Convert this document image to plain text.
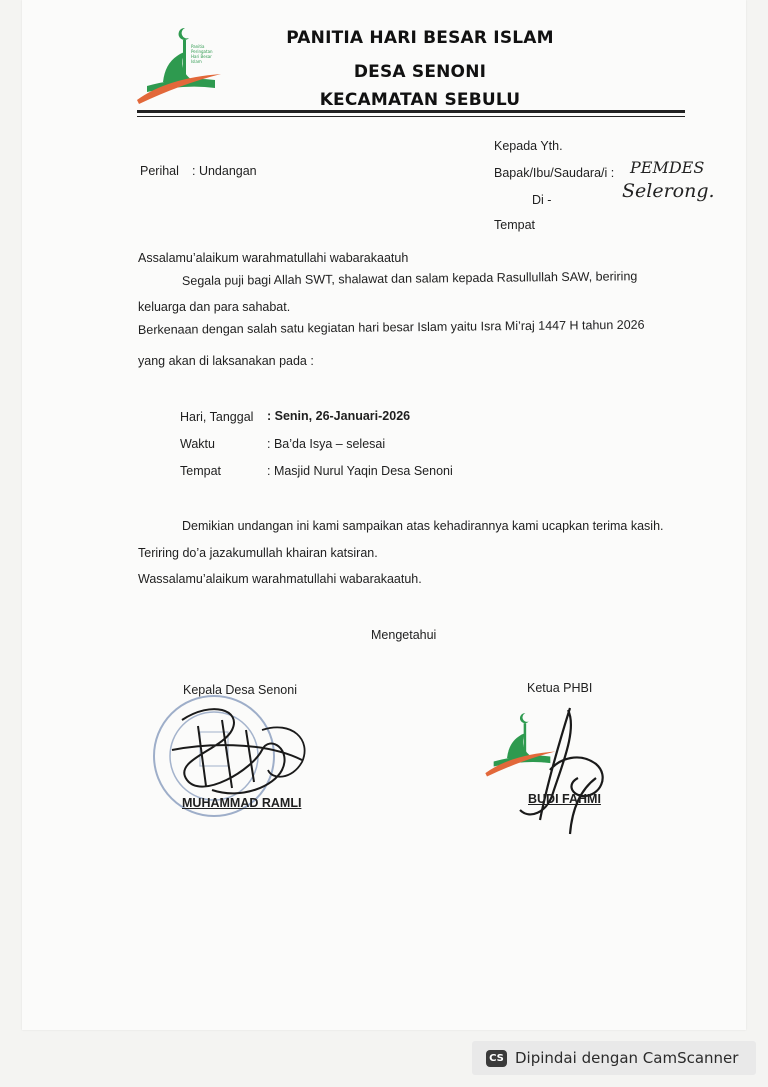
Panitia
Peringatan
Hari Besar
Islam
PANITIA HARI BESAR ISLAM
DESA SENONI
KECAMATAN SEBULU
Perihal : Undangan
Kepada Yth.
Bapak/Ibu/Saudara/i : PEMDES
Selerong.
Di -
Tempat
Assalamu’alaikum warahmatullahi wabarakaatuh
Segala puji bagi Allah SWT, shalawat dan salam kepada Rasullullah SAW, beriring
keluarga dan para sahabat.
Berkenaan dengan salah satu kegiatan hari besar Islam yaitu Isra Mi’raj 1447 H tahun 2026
yang akan di laksanakan pada :
Hari, Tanggal : Senin, 26-Januari-2026
Waktu	: Ba’da Isya – selesai
Tempat	: Masjid Nurul Yaqin Desa Senoni
Demikian undangan ini kami sampaikan atas kehadirannya kami ucapkan terima kasih.
Teriring do’a jazakumullah khairan katsiran.
Wassalamu’alaikum warahmatullahi wabarakaatuh.
Mengetahui
Kepala Desa Senoni	Ketua PHBI
MUHAMMAD RAMLI	BUDI FAHMI
CS Dipindai dengan CamScanner
